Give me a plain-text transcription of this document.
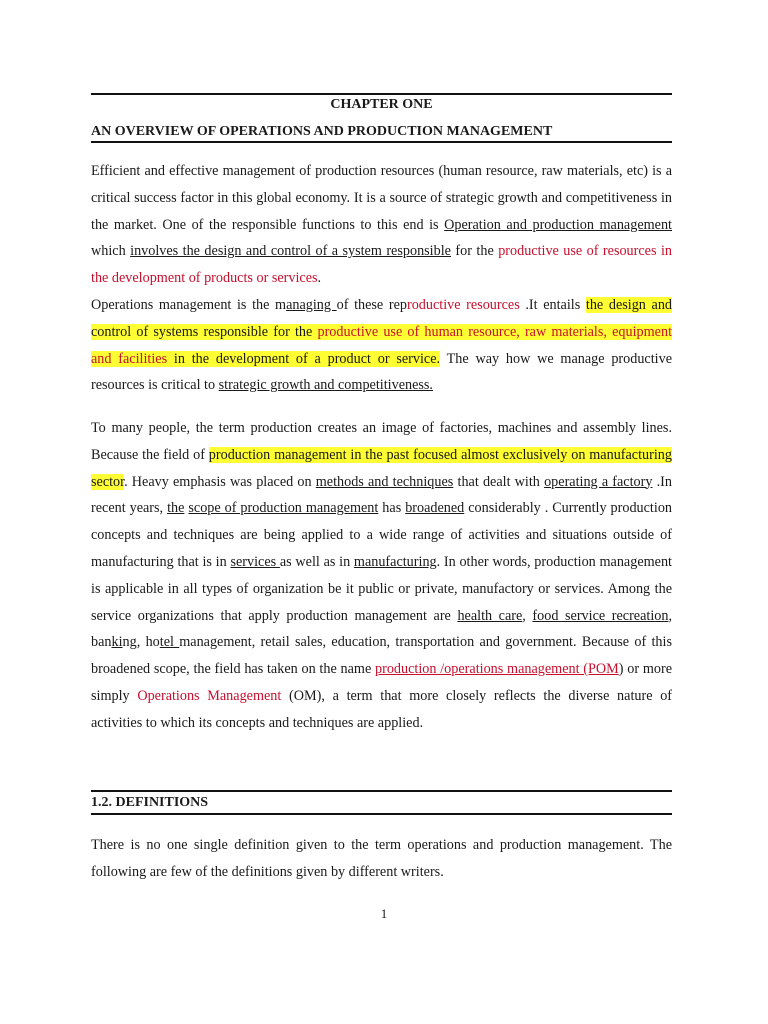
CHAPTER ONE
AN OVERVIEW OF OPERATIONS AND PRODUCTION MANAGEMENT

Efficient and effective management of production resources (human resource, raw materials, etc) is a critical success factor in this global economy. It is a source of strategic growth and competitiveness in the market. One of the responsible functions to this end is Operation and production management which involves the design and control of a system responsible for the productive use of resources in the development of products or services.

Operations management is the managing of these reproductive resources .It entails the design and control of systems responsible for the productive use of human resource, raw materials, equipment and facilities in the development of a product or service. The way how we manage productive resources is critical to strategic growth and competitiveness.

To many people, the term production creates an image of factories, machines and assembly lines. Because the field of production management in the past focused almost exclusively on manufacturing sector. Heavy emphasis was placed on methods and techniques that dealt with operating a factory .In recent years, the scope of production management has broadened considerably . Currently production concepts and techniques are being applied to a wide range of activities and situations outside of manufacturing that is in services as well as in manufacturing. In other words, production management is applicable in all types of organization be it public or private, manufactory or services. Among the service organizations that apply production management are health care, food service recreation, banking, hotel management, retail sales, education, transportation and government. Because of this broadened scope, the field has taken on the name production /operations management (POM) or more simply Operations Management (OM), a term that more closely reflects the diverse nature of activities to which its concepts and techniques are applied.

1.2. DEFINITIONS

There is no one single definition given to the term operations and production management. The following are few of the definitions given by different writers.

1
